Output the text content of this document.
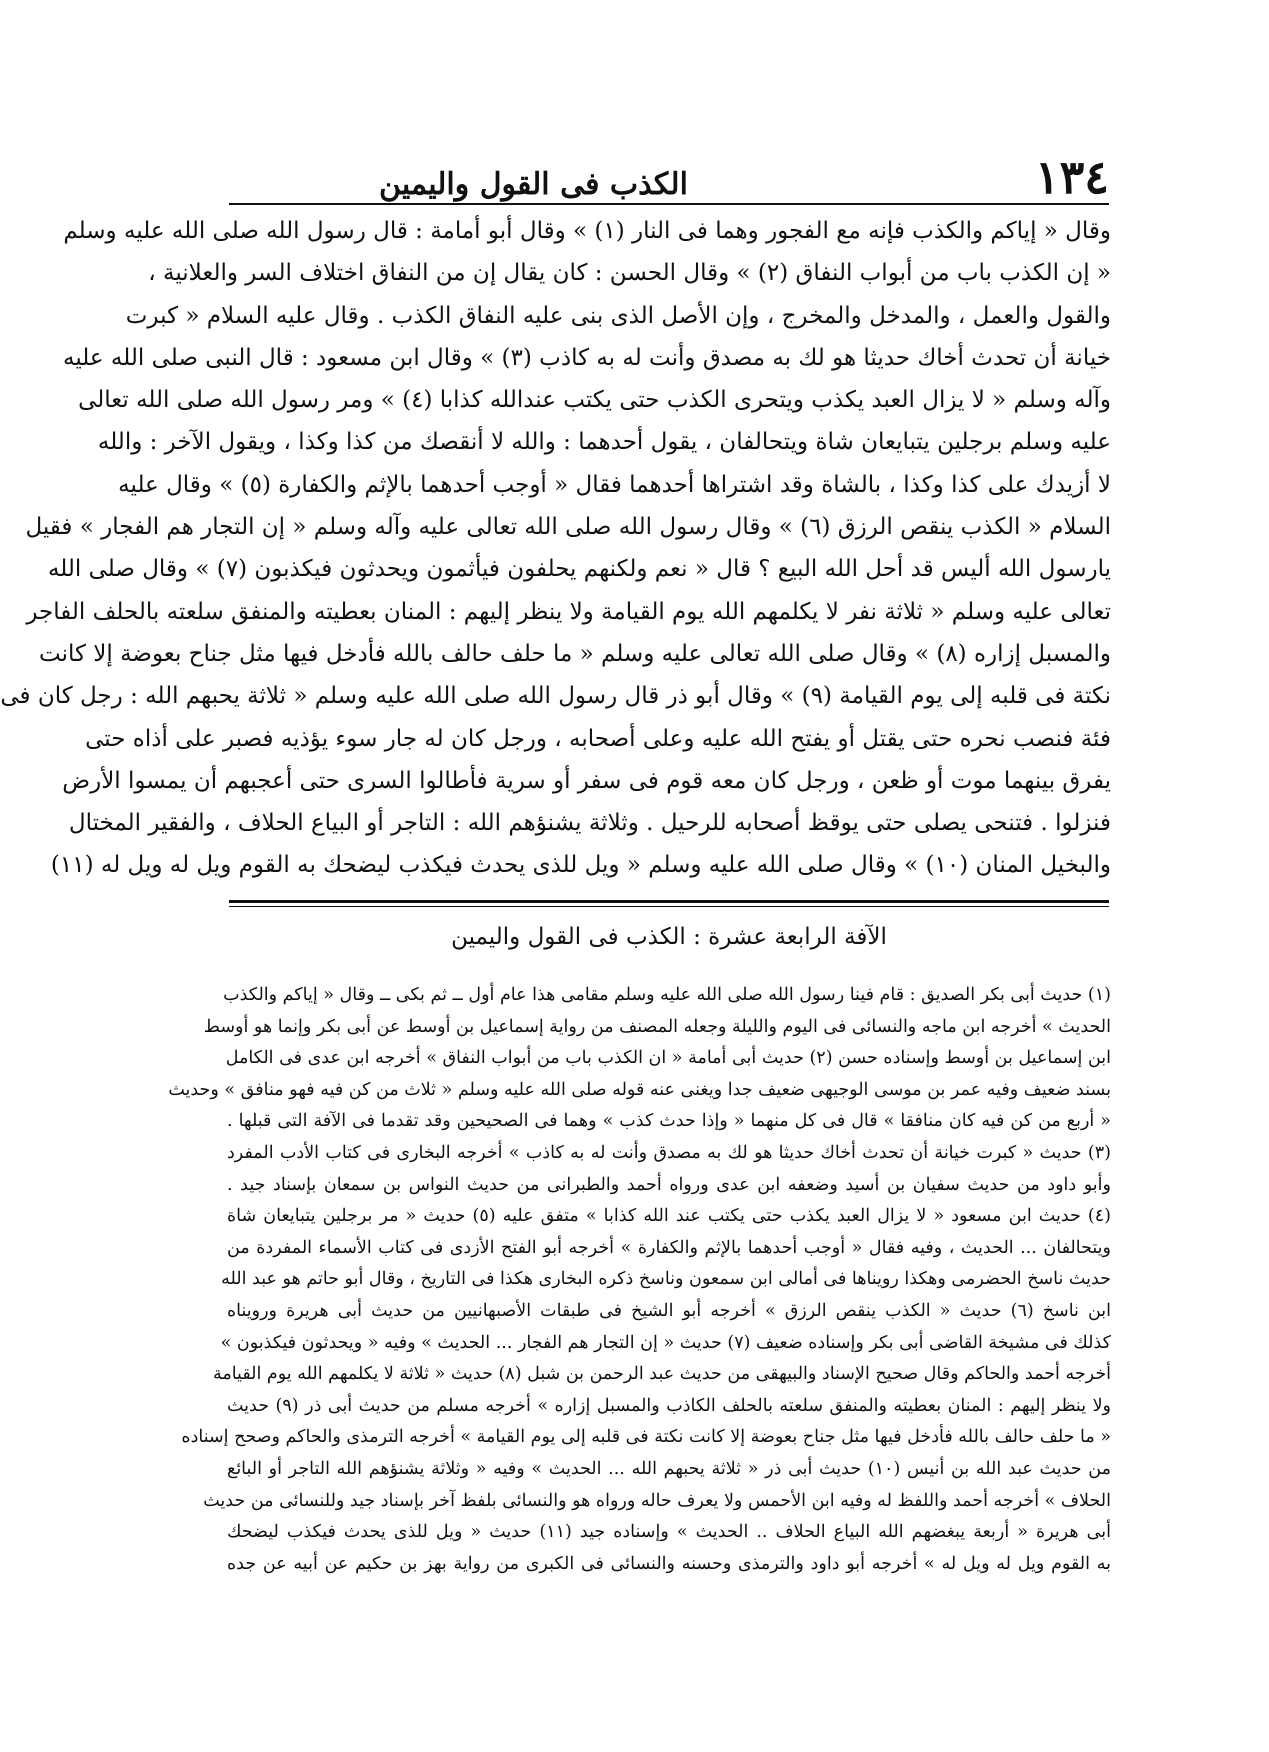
١٣٤
الكذب فى القول واليمين
وقال « إياكم والكذب فإنه مع الفجور وهما فى النار (١) » وقال أبو أمامة : قال رسول الله صلى الله عليه وسلم
« إن الكذب باب من أبواب النفاق (٢) » وقال الحسن : كان يقال إن من النفاق اختلاف السر والعلانية ،
والقول والعمل ، والمدخل والمخرج ، وإن الأصل الذى بنى عليه النفاق الكذب . وقال عليه السلام « كبرت
خيانة أن تحدث أخاك حديثا هو لك به مصدق وأنت له به كاذب (٣) » وقال ابن مسعود : قال النبى صلى الله عليه
وآله وسلم « لا يزال العبد يكذب ويتحرى الكذب حتى يكتب عندالله كذابا (٤) » ومر رسول الله صلى الله تعالى
عليه وسلم برجلين يتبايعان شاة ويتحالفان ، يقول أحدهما : والله لا أنقصك من كذا وكذا ، ويقول الآخر : والله
لا أزيدك على كذا وكذا ، بالشاة وقد اشتراها أحدهما فقال « أوجب أحدهما بالإثم والكفارة (٥) » وقال عليه
السلام « الكذب ينقص الرزق (٦) » وقال رسول الله صلى الله تعالى عليه وآله وسلم « إن التجار هم الفجار » فقيل
يارسول الله أليس قد أحل الله البيع ؟ قال « نعم ولكنهم يحلفون فيأثمون ويحدثون فيكذبون (٧) » وقال صلى الله
تعالى عليه وسلم « ثلاثة نفر لا يكلمهم الله يوم القيامة ولا ينظر إليهم : المنان بعطيته والمنفق سلعته بالحلف الفاجر
والمسبل إزاره (٨) » وقال صلى الله تعالى عليه وسلم « ما حلف حالف بالله فأدخل فيها مثل جناح بعوضة إلا كانت
نكتة فى قلبه إلى يوم القيامة (٩) » وقال أبو ذر قال رسول الله صلى الله عليه وسلم « ثلاثة يحبهم الله : رجل كان فى
فئة فنصب نحره حتى يقتل أو يفتح الله عليه وعلى أصحابه ، ورجل كان له جار سوء يؤذيه فصبر على أذاه حتى
يفرق بينهما موت أو ظعن ، ورجل كان معه قوم فى سفر أو سرية فأطالوا السرى حتى أعجبهم أن يمسوا الأرض
فنزلوا . فتنحى يصلى حتى يوقظ أصحابه للرحيل . وثلاثة يشنؤهم الله : التاجر أو البياع الحلاف ، والفقير المختال
والبخيل المنان (١٠) » وقال صلى الله عليه وسلم « ويل للذى يحدث فيكذب ليضحك به القوم ويل له ويل له (١١)
الآفة الرابعة عشرة : الكذب فى القول واليمين
(١) حديث أبى بكر الصديق : قام فينا رسول الله صلى الله عليه وسلم مقامى هذا عام أول ــ ثم بكى ــ وقال « إياكم والكذب
الحديث » أخرجه ابن ماجه والنسائى فى اليوم والليلة وجعله المصنف من رواية إسماعيل بن أوسط عن أبى بكر وإنما هو أوسط
ابن إسماعيل بن أوسط وإسناده حسن (٢) حديث أبى أمامة « ان الكذب باب من أبواب النفاق » أخرجه ابن عدى فى الكامل
بسند ضعيف وفيه عمر بن موسى الوجيهى ضعيف جدا ويغنى عنه قوله صلى الله عليه وسلم « ثلاث من كن فيه فهو منافق » وحديث
« أربع من كن فيه كان منافقا » قال فى كل منهما « وإذا حدث كذب » وهما فى الصحيحين وقد تقدما فى الآفة التى قبلها .
(٣) حديث « كبرت خيانة أن تحدث أخاك حديثا هو لك به مصدق وأنت له به كاذب » أخرجه البخارى فى كتاب الأدب المفرد
وأبو داود من حديث سفيان بن أسيد وضعفه ابن عدى ورواه أحمد والطبرانى من حديث النواس بن سمعان بإسناد جيد .
(٤) حديث ابن مسعود « لا يزال العبد يكذب حتى يكتب عند الله كذابا » متفق عليه (٥) حديث « مر برجلين يتبايعان شاة
ويتحالفان ... الحديث ، وفيه فقال « أوجب أحدهما بالإثم والكفارة » أخرجه أبو الفتح الأزدى فى كتاب الأسماء المفردة من
حديث ناسخ الحضرمى وهكذا رويناها فى أمالى ابن سمعون وناسخ ذكره البخارى هكذا فى التاريخ ، وقال أبو حاتم هو عبد الله
ابن ناسخ (٦) حديث « الكذب ينقص الرزق » أخرجه أبو الشيخ فى طبقات الأصبهانيين من حديث أبى هريرة ورويناه
كذلك فى مشيخة القاضى أبى بكر وإسناده ضعيف (٧) حديث « إن التجار هم الفجار ... الحديث » وفيه « ويحدثون فيكذبون »
أخرجه أحمد والحاكم وقال صحيح الإسناد والبيهقى من حديث عبد الرحمن بن شبل (٨) حديث « ثلاثة لا يكلمهم الله يوم القيامة
ولا ينظر إليهم : المنان بعطيته والمنفق سلعته بالحلف الكاذب والمسبل إزاره » أخرجه مسلم من حديث أبى ذر (٩) حديث
« ما حلف حالف بالله فأدخل فيها مثل جناح بعوضة إلا كانت نكتة فى قلبه إلى يوم القيامة » أخرجه الترمذى والحاكم وصحح إسناده
من حديث عبد الله بن أنيس (١٠) حديث أبى ذر « ثلاثة يحبهم الله ... الحديث » وفيه « وثلاثة يشنؤهم الله التاجر أو البائع
الحلاف » أخرجه أحمد واللفظ له وفيه ابن الأحمس ولا يعرف حاله ورواه هو والنسائى بلفظ آخر بإسناد جيد وللنسائى من حديث
أبى هريرة « أربعة يبغضهم الله البياع الحلاف .. الحديث » وإسناده جيد (١١) حديث « ويل للذى يحدث فيكذب ليضحك
به القوم ويل له ويل له » أخرجه أبو داود والترمذى وحسنه والنسائى فى الكبرى من رواية بهز بن حكيم عن أبيه عن جده
